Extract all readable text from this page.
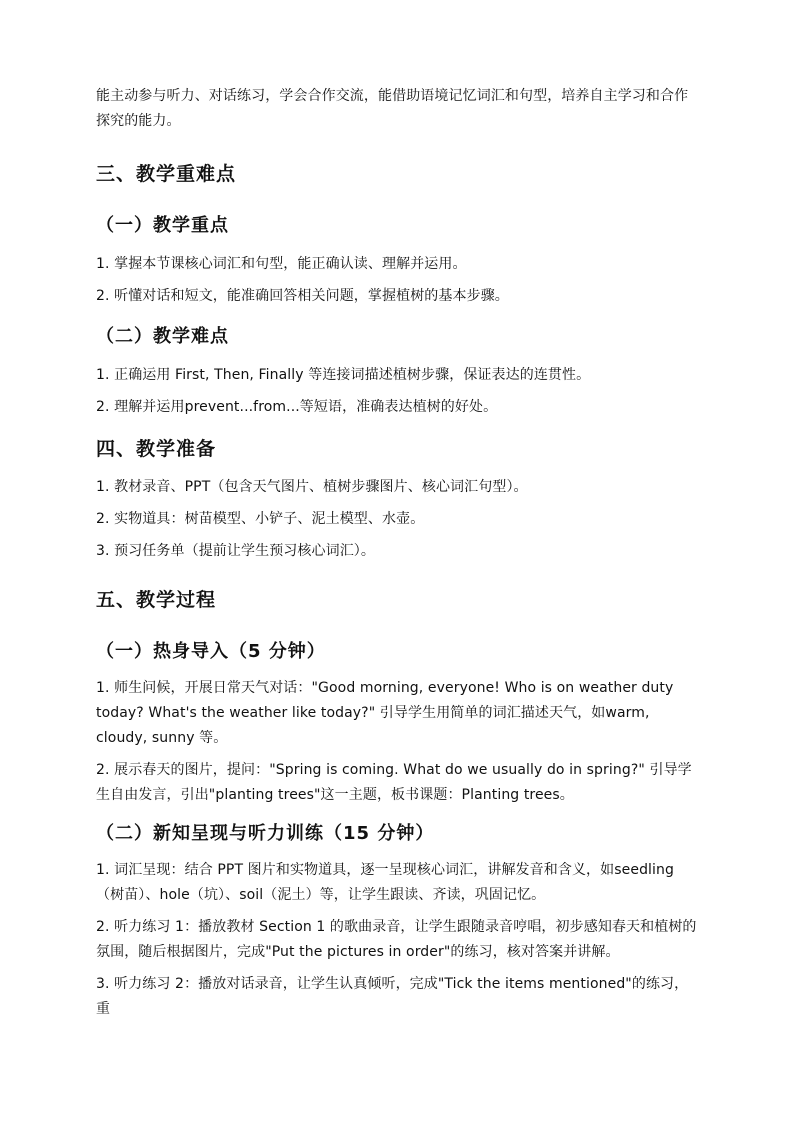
能主动参与听力、对话练习，学会合作交流，能借助语境记忆词汇和句型，培养自主学习和合作探究的能力。

三、教学重难点
（一）教学重点

1. 掌握本节课核心词汇和句型，能正确认读、理解并运用。

2. 听懂对话和短文，能准确回答相关问题，掌握植树的基本步骤。

（二）教学难点

1. 正确运用 First, Then, Finally 等连接词描述植树步骤，保证表达的连贯性。

2. 理解并运用prevent...from...等短语，准确表达植树的好处。

四、教学准备

1. 教材录音、PPT（包含天气图片、植树步骤图片、核心词汇句型）。

2. 实物道具：树苗模型、小铲子、泥土模型、水壶。

3. 预习任务单（提前让学生预习核心词汇）。

五、教学过程
（一）热身导入（5 分钟）

1. 师生问候，开展日常天气对话："Good morning, everyone! Who is on weather duty today? What's the weather like today?" 引导学生用简单的词汇描述天气，如warm, cloudy, sunny 等。

2. 展示春天的图片，提问："Spring is coming. What do we usually do in spring?" 引导学生自由发言，引出"planting trees"这一主题，板书课题：Planting trees。

（二）新知呈现与听力训练（15 分钟）

1. 词汇呈现：结合 PPT 图片和实物道具，逐一呈现核心词汇，讲解发音和含义，如seedling（树苗）、hole（坑）、soil（泥土）等，让学生跟读、齐读，巩固记忆。

2. 听力练习 1：播放教材 Section 1 的歌曲录音，让学生跟随录音哼唱，初步感知春天和植树的氛围，随后根据图片，完成"Put the pictures in order"的练习，核对答案并讲解。

3. 听力练习 2：播放对话录音，让学生认真倾听，完成"Tick the items mentioned"的练习，重
